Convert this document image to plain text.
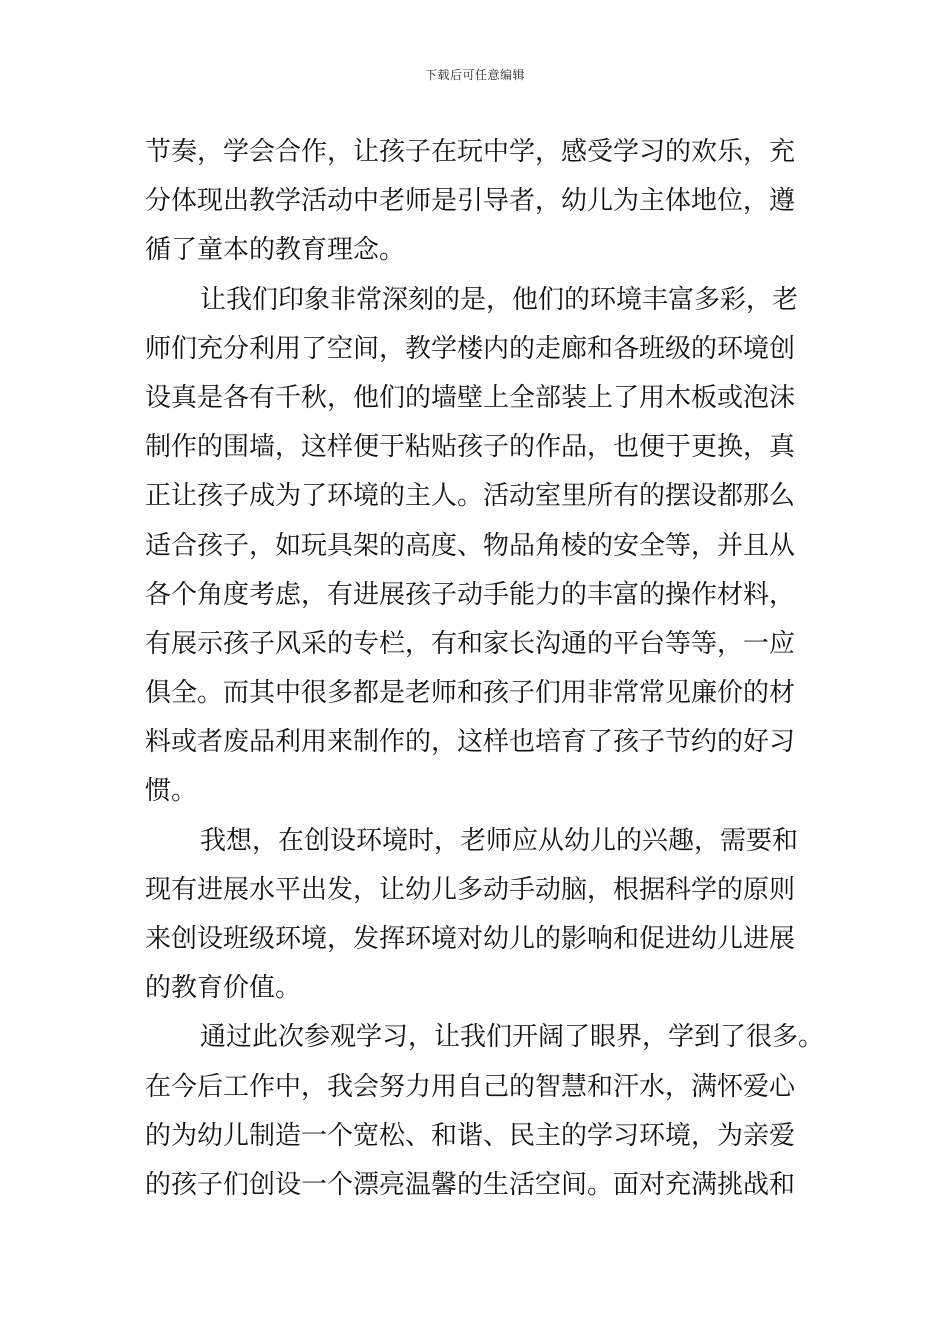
下载后可任意编辑
节奏，学会合作，让孩子在玩中学，感受学习的欢乐，充
分体现出教学活动中老师是引导者，幼儿为主体地位，遵
循了童本的教育理念。
让我们印象非常深刻的是，他们的环境丰富多彩，老
师们充分利用了空间，教学楼内的走廊和各班级的环境创
设真是各有千秋，他们的墙壁上全部装上了用木板或泡沫
制作的围墙，这样便于粘贴孩子的作品，也便于更换，真
正让孩子成为了环境的主人。活动室里所有的摆设都那么
适合孩子，如玩具架的高度、物品角棱的安全等，并且从
各个角度考虑，有进展孩子动手能力的丰富的操作材料，
有展示孩子风采的专栏，有和家长沟通的平台等等，一应
俱全。而其中很多都是老师和孩子们用非常常见廉价的材
料或者废品利用来制作的，这样也培育了孩子节约的好习
惯。
我想，在创设环境时，老师应从幼儿的兴趣，需要和
现有进展水平出发，让幼儿多动手动脑，根据科学的原则
来创设班级环境，发挥环境对幼儿的影响和促进幼儿进展
的教育价值。
通过此次参观学习，让我们开阔了眼界，学到了很多。
在今后工作中，我会努力用自己的智慧和汗水，满怀爱心
的为幼儿制造一个宽松、和谐、民主的学习环境，为亲爱
的孩子们创设一个漂亮温馨的生活空间。面对充满挑战和
